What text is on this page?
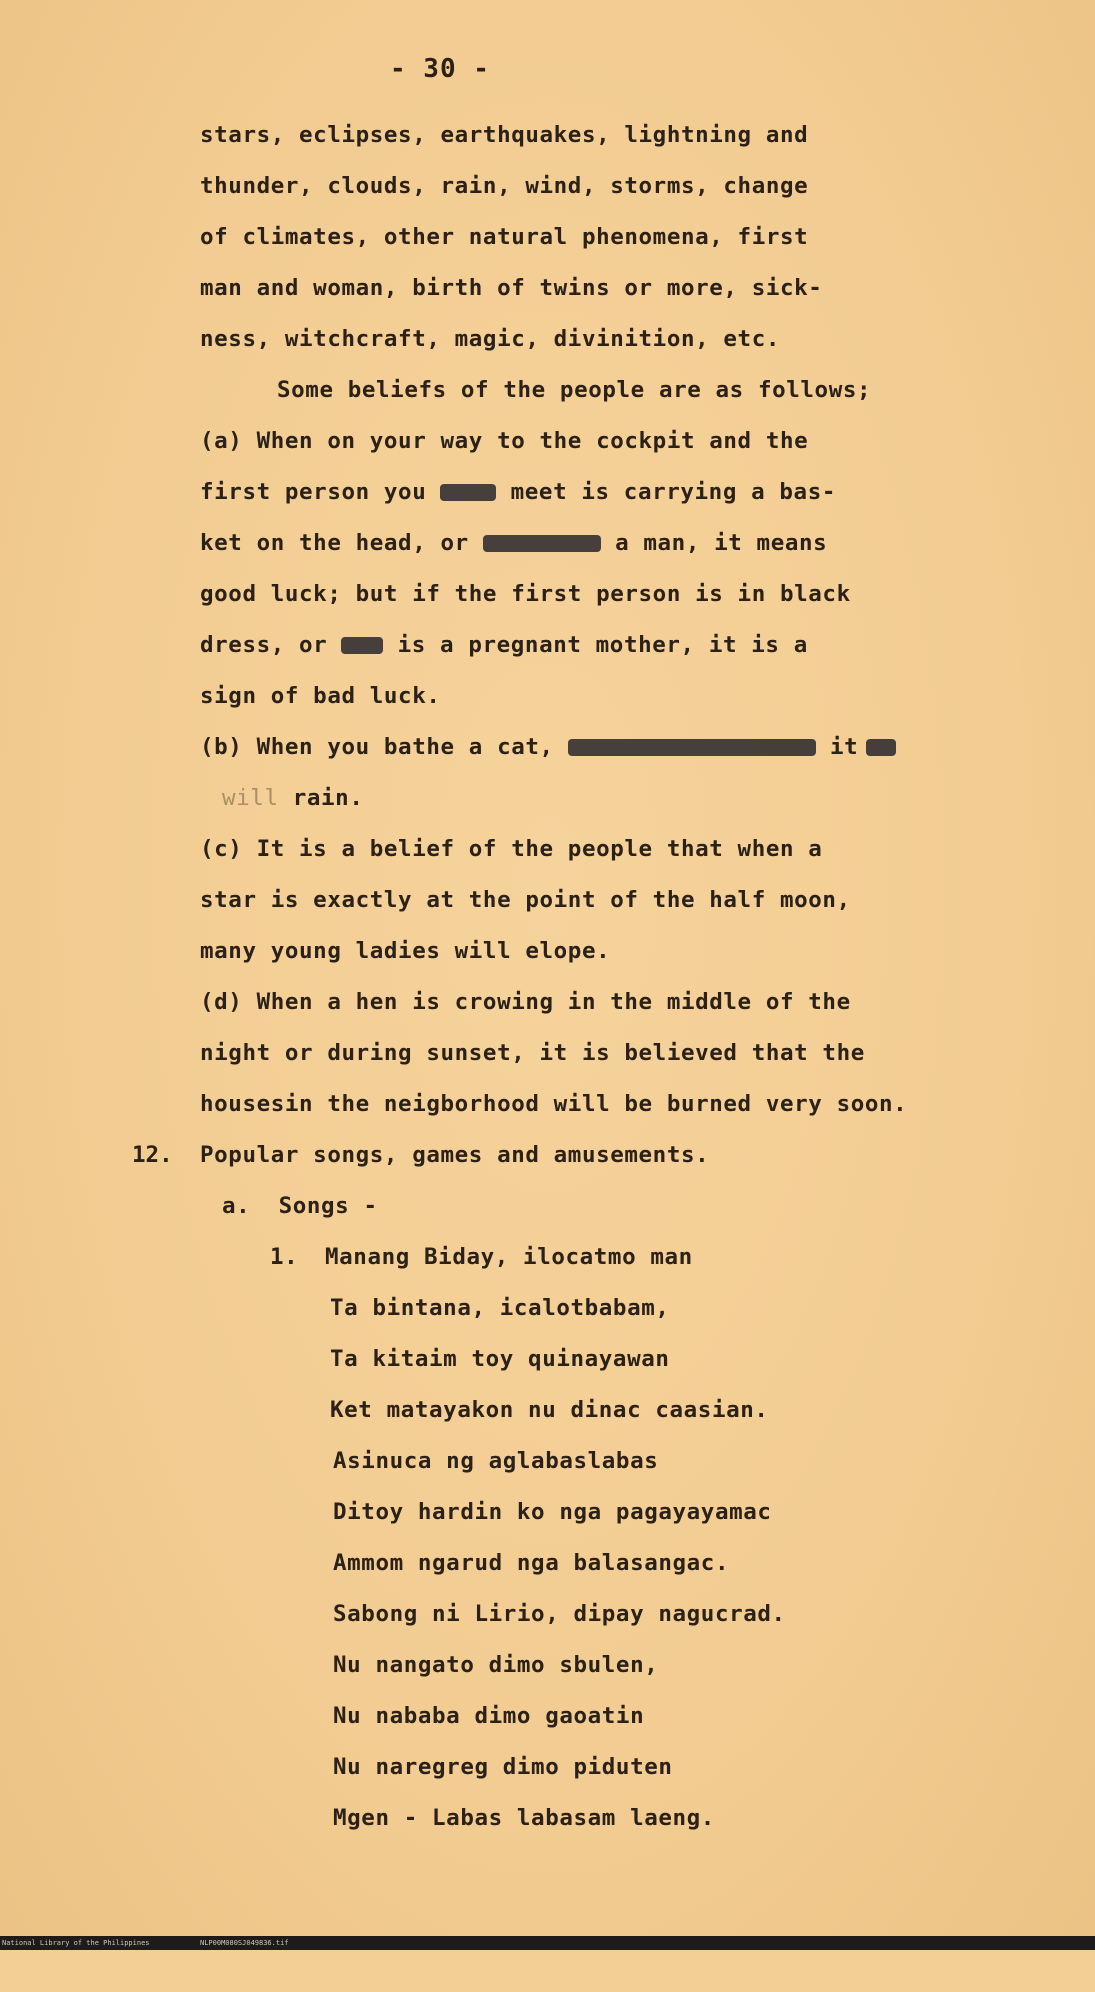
- 30 -
stars, eclipses, earthquakes, lightning and
thunder, clouds, rain, wind, storms, change
of climates, other natural phenomena, first
man and woman, birth of twins or more, sick-
ness, witchcraft, magic, divinition, etc.
Some beliefs of the people are as follows;
(a) When on your way to the cockpit and the
first person you  meet is carrying a bas-
ket on the head, or	a man, it means
good luck; but if the first person is in black
dress, or  is a pregnant mother, it is a
sign of bad luck.
(b) When you bathe a cat,	it
will rain.
(c) It is a belief of the people that when a
star is exactly at the point of the half moon,
many young ladies will elope.
(d) When a hen is crowing in the middle of the
night or during sunset, it is believed that the
housesin the neigborhood will be burned very soon.
12. Popular songs, games and amusements.
a.  Songs -
1. Manang Biday, ilocatmo man
Ta bintana, icalotbabam,
Ta kitaim toy quinayawan
Ket matayakon nu dinac caasian.
Asinuca ng aglabaslabas
Ditoy hardin ko nga pagayayamac
Ammom ngarud nga balasangac.
Sabong ni Lirio, dipay nagucrad.
Nu nangato dimo sbulen,
Nu nababa dimo gaoatin
Nu naregreg dimo piduten
Mgen - Labas labasam laeng.

National Library of the Philippines

	NLP00M080SJ049836.tif
